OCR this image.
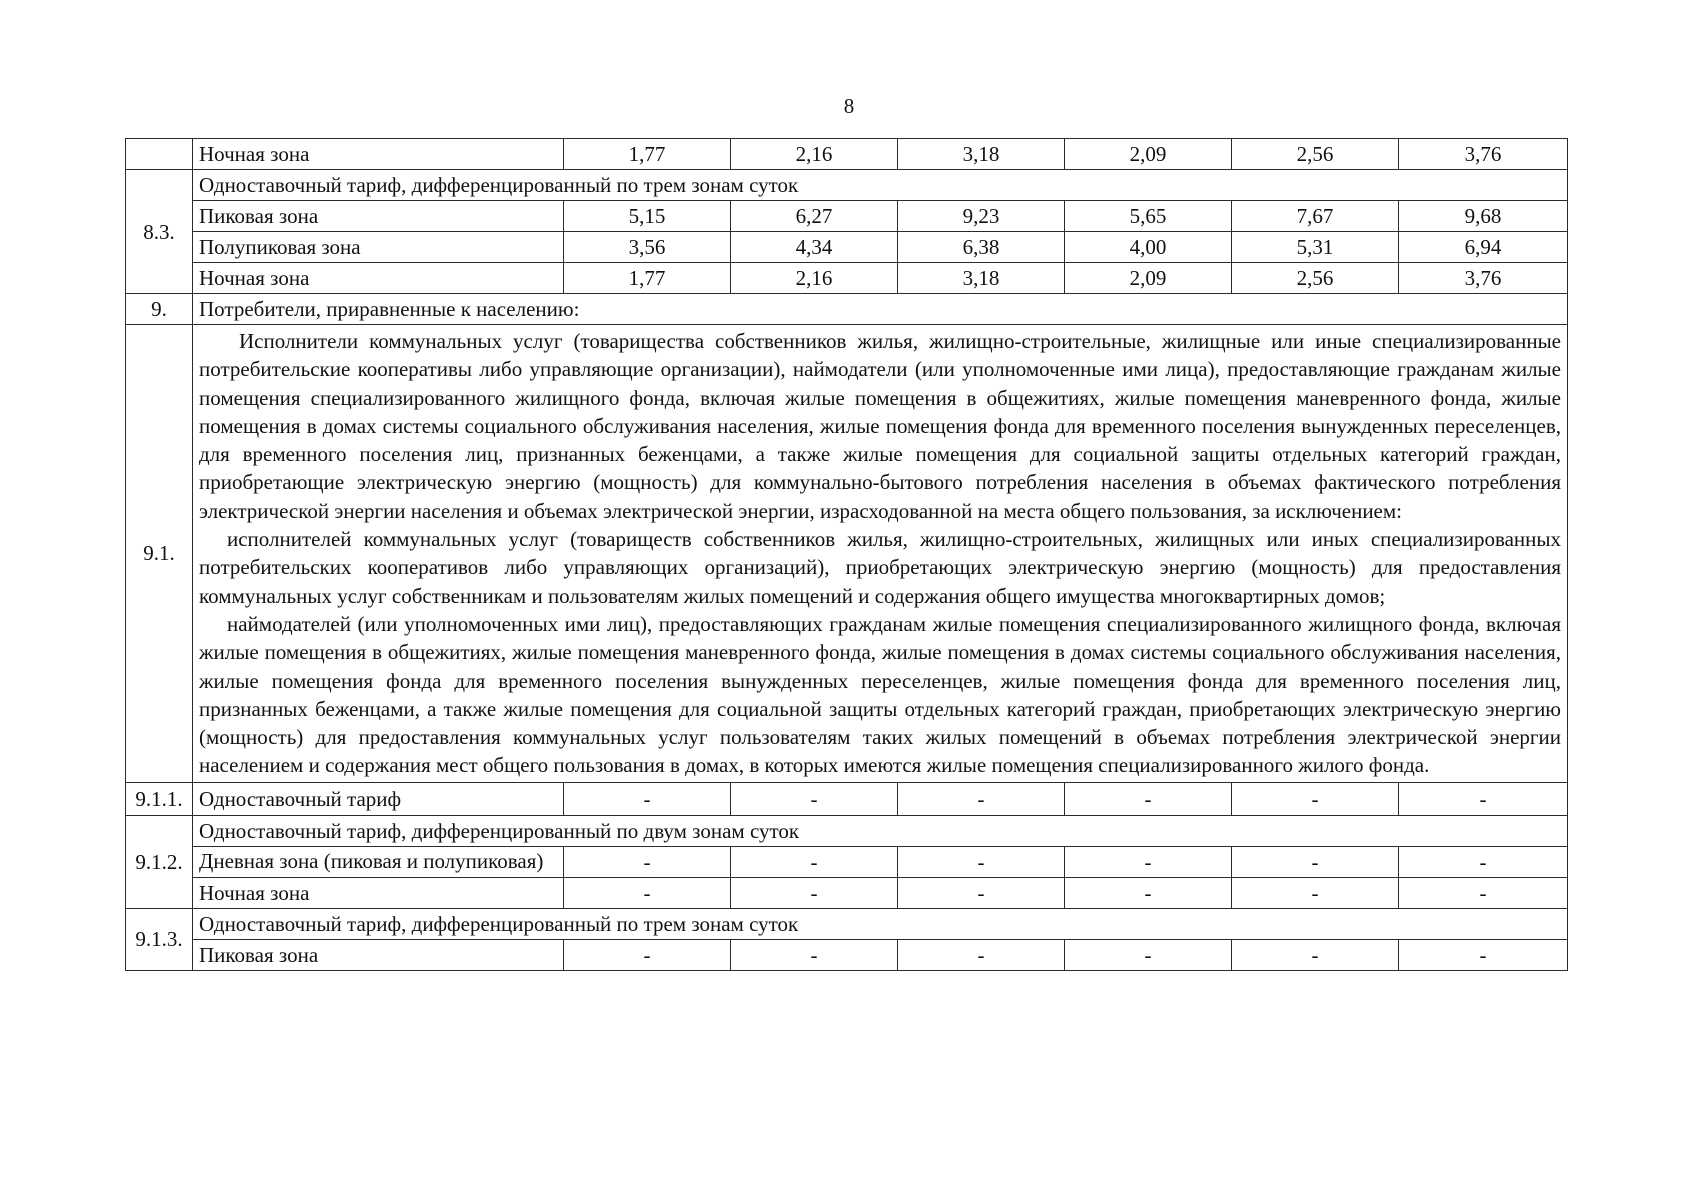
8
	Ночная зона	1,77	2,16	3,18	2,09	2,56	3,76
8.3.	Одноставочный тариф, дифференцированный по трем зонам суток						
	Пиковая зона	5,15	6,27	9,23	5,65	7,67	9,68
	Полупиковая зона	3,56	4,34	6,38	4,00	5,31	6,94
	Ночная зона	1,77	2,16	3,18	2,09	2,56	3,76
9.	Потребители, приравненные к населению:						
9.1.	Исполнители коммунальных услуг (товарищества собственников жилья, жилищно-строительные, жилищные или иные специализированные потребительские кооперативы либо управляющие организации), наймодатели (или уполномоченные ими лица), предоставляющие гражданам жилые помещения специализированного жилищного фонда, включая жилые помещения в общежитиях, жилые помещения маневренного фонда, жилые помещения в домах системы социального обслуживания населения, жилые помещения фонда для временного поселения вынужденных переселенцев, для временного поселения лиц, признанных беженцами, а также жилые помещения для социальной защиты отдельных категорий граждан, приобретающие электрическую энергию (мощность) для коммунально-бытового потребления населения в объемах фактического потребления электрической энергии населения и объемах электрической энергии, израсходованной на места общего пользования, за исключением:

исполнителей коммунальных услуг (товариществ собственников жилья, жилищно-строительных, жилищных или иных специализированных потребительских кооперативов либо управляющих организаций), приобретающих электрическую энергию (мощность) для предоставления коммунальных услуг собственникам и пользователям жилых помещений и содержания общего имущества многоквартирных домов;

наймодателей (или уполномоченных ими лиц), предоставляющих гражданам жилые помещения специализированного жилищного фонда, включая жилые помещения в общежитиях, жилые помещения маневренного фонда, жилые помещения в домах системы социального обслуживания населения, жилые помещения фонда для временного поселения вынужденных переселенцев, жилые помещения фонда для временного поселения лиц, признанных беженцами, а также жилые помещения для социальной защиты отдельных категорий граждан, приобретающих электрическую энергию (мощность) для предоставления коммунальных услуг пользователям таких жилых помещений в объемах потребления электрической энергии населением и содержания мест общего пользования в домах, в которых имеются жилые помещения специализированного жилого фонда.						

9.1.1.	Одноставочный тариф	-	-	-	-	-	-
9.1.2.	Одноставочный тариф, дифференцированный по двум зонам суток						
	Дневная зона (пиковая и полупиковая)	-	-	-	-	-	-
	Ночная зона	-	-	-	-	-	-
9.1.3.	Одноставочный тариф, дифференцированный по трем зонам суток						
	Пиковая зона	-	-	-	-	-	-
